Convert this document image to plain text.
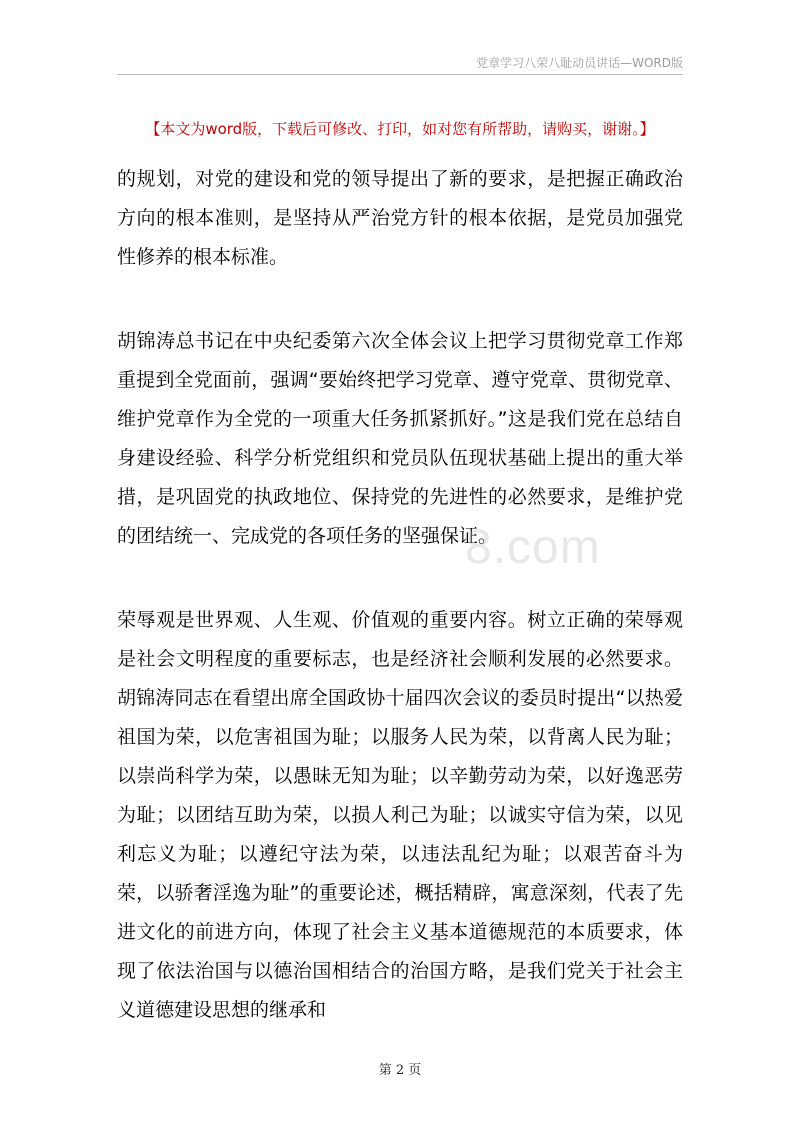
党章学习八荣八耻动员讲话—WORD版
【本文为word版，下载后可修改、打印，如对您有所帮助，请购买，谢谢。】

的规划，对党的建设和党的领导提出了新的要求，是把握正确政治方向的根本准则，是坚持从严治党方针的根本依据，是党员加强党性修养的根本标准。

胡锦涛总书记在中央纪委第六次全体会议上把学习贯彻党章工作郑重提到全党面前，强调“要始终把学习党章、遵守党章、贯彻党章、维护党章作为全党的一项重大任务抓紧抓好。”这是我们党在总结自身建设经验、科学分析党组织和党员队伍现状基础上提出的重大举措，是巩固党的执政地位、保持党的先进性的必然要求，是维护党的团结统一、完成党的各项任务的坚强保证。

荣辱观是世界观、人生观、价值观的重要内容。树立正确的荣辱观是社会文明程度的重要标志，也是经济社会顺利发展的必然要求。胡锦涛同志在看望出席全国政协十届四次会议的委员时提出“以热爱祖国为荣，以危害祖国为耻；以服务人民为荣，以背离人民为耻；以崇尚科学为荣，以愚昧无知为耻；以辛勤劳动为荣，以好逸恶劳为耻；以团结互助为荣，以损人利己为耻；以诚实守信为荣，以见利忘义为耻；以遵纪守法为荣，以违法乱纪为耻；以艰苦奋斗为荣，以骄奢淫逸为耻”的重要论述，概括精辟，寓意深刻，代表了先进文化的前进方向，体现了社会主义基本道德规范的本质要求，体现了依法治国与以德治国相结合的治国方略，是我们党关于社会主义道德建设思想的继承和

8.com
第 2 页
